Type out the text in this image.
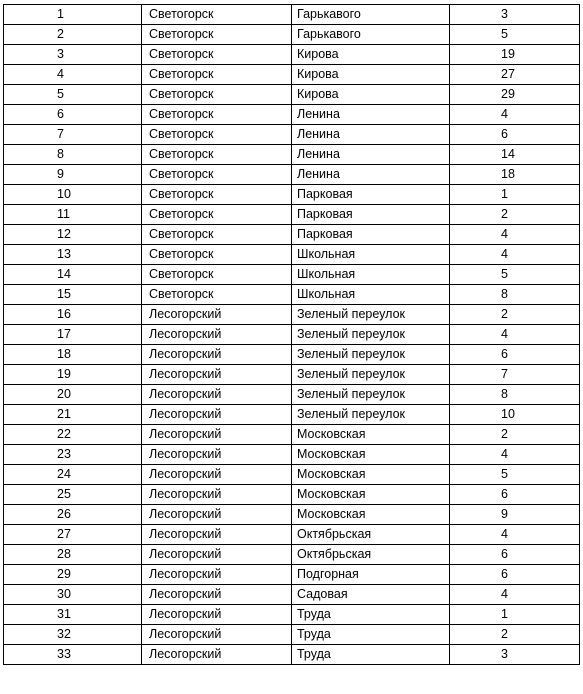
1	Светогорск	Гарькавого	3
2	Светогорск	Гарькавого	5
3	Светогорск	Кирова	19
4	Светогорск	Кирова	27
5	Светогорск	Кирова	29
6	Светогорск	Ленина	4
7	Светогорск	Ленина	6
8	Светогорск	Ленина	14
9	Светогорск	Ленина	18
10	Светогорск	Парковая	1
11	Светогорск	Парковая	2
12	Светогорск	Парковая	4
13	Светогорск	Школьная	4
14	Светогорск	Школьная	5
15	Светогорск	Школьная	8
16	Лесогорский	Зеленый переулок	2
17	Лесогорский	Зеленый переулок	4
18	Лесогорский	Зеленый переулок	6
19	Лесогорский	Зеленый переулок	7
20	Лесогорский	Зеленый переулок	8
21	Лесогорский	Зеленый переулок	10
22	Лесогорский	Московская	2
23	Лесогорский	Московская	4
24	Лесогорский	Московская	5
25	Лесогорский	Московская	6
26	Лесогорский	Московская	9
27	Лесогорский	Октябрьская	4
28	Лесогорский	Октябрьская	6
29	Лесогорский	Подгорная	6
30	Лесогорский	Садовая	4
31	Лесогорский	Труда	1
32	Лесогорский	Труда	2
33	Лесогорский	Труда	3
